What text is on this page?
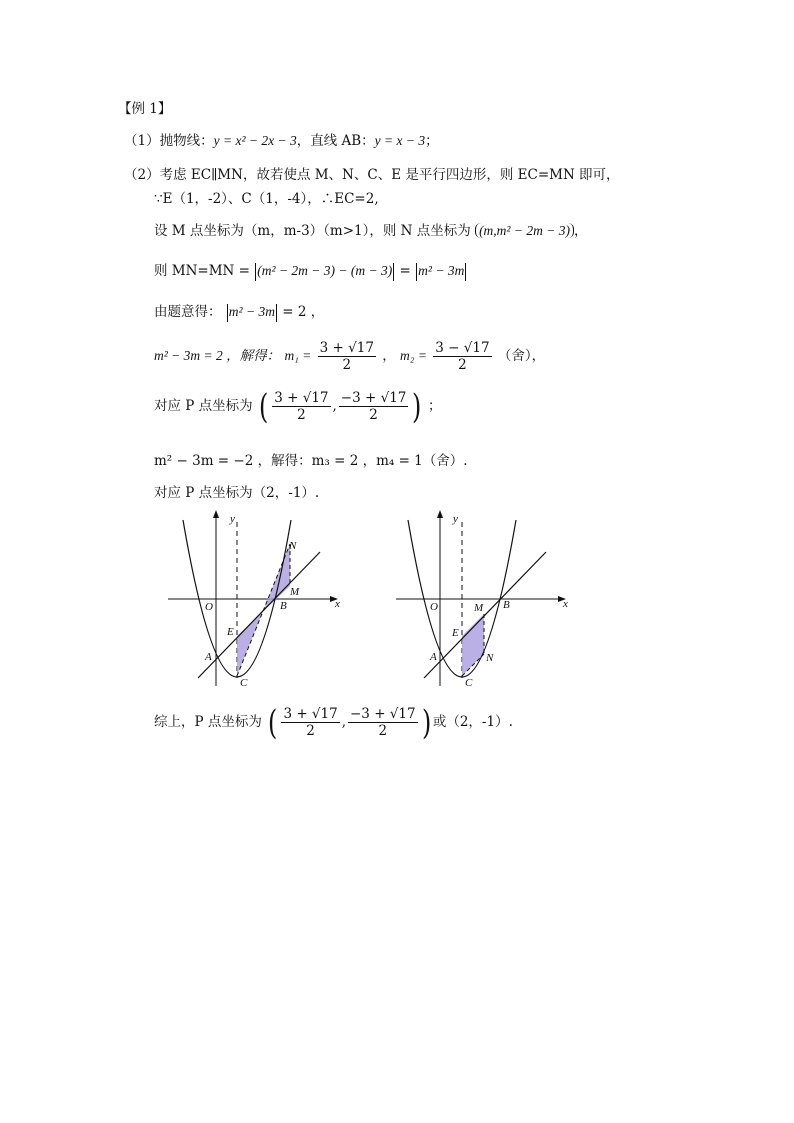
【例 1】
（1）抛物线：y = x² − 2x − 3，直线 AB：y = x − 3；
（2）考虑 EC∥MN，故若使点 M、N、C、E 是平行四边形，则 EC=MN 即可，
∵E（1，-2）、C（1，-4），∴EC=2,
设 M 点坐标为（m，m-3）（m>1），则 N 点坐标为 (m,m² − 2m − 3) ，
则 MN=MN = (m² − 2m − 3) − (m − 3) = m² − 3m
由题意得： m² − 3m = 2 ，
m² − 3m = 2 ，解得： $m_1 = \frac{3 + √17}{2}$ ， $m_2 = \frac{3 - √17}{2}$ （舍），
对应 P 点坐标为 ( $\frac{3 + √17}{2}$ , $\frac{-3 + √17}{2}$ ) ；
m² − 3m = −2 ，解得：m₃ = 2 ，m₄ = 1（舍）.
对应 P 点坐标为（2，-1）.
y
x
O
A
B
C
E
M
N
y
x
O
A
B
C
E
M
N
综上，P 点坐标为 ( $\frac{3 + √17}{2}$ , $\frac{-3 + √17}{2}$ ) 或（2，-1）.
